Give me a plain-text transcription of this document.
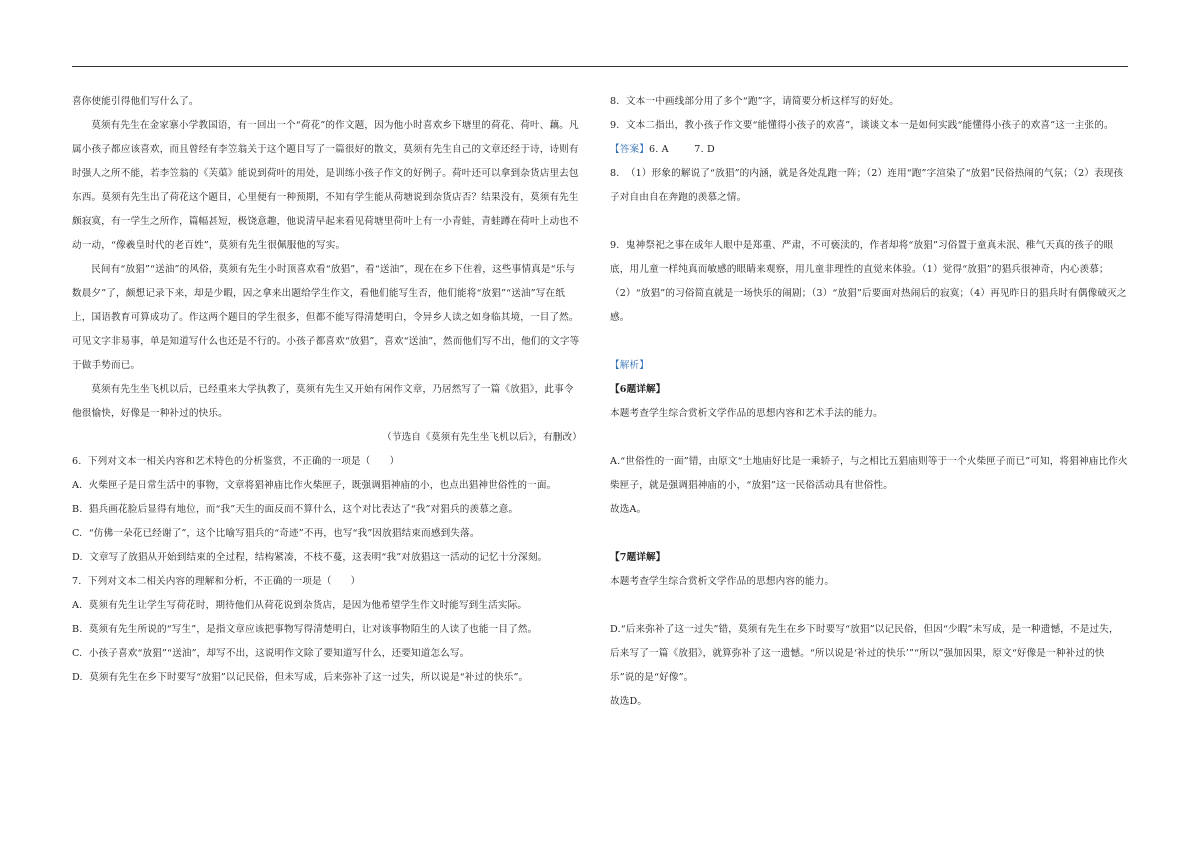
喜你使能引得他们写什么了。

莫须有先生在金家寨小学教国语，有一回出一个“荷花”的作文题，因为他小时喜欢乡下塘里的荷花、荷叶、藕。凡属小孩子都应该喜欢，而且曾经有李笠翁关于这个题目写了一篇很好的散文，莫须有先生自己的文章还经于诗，诗则有时强人之所不能，若李笠翁的《芙蕖》能说到荷叶的用处，是训练小孩子作文的好例子。荷叶还可以拿到杂货店里去包东西。莫须有先生出了荷花这个题目，心里便有一种预期，不知有学生能从荷塘说到杂货店否？结果没有，莫须有先生颇寂寞，有一学生之所作，篇幅甚短，极饶意趣，他说清早起来看见荷塘里荷叶上有一小青蛙，青蛙蹲在荷叶上动也不动一动，“像羲皇时代的老百姓”，莫须有先生很佩服他的写实。

民间有“放猖”“送油”的风俗，莫须有先生小时顶喜欢看“放猖”，看“送油”，现在在乡下住着，这些事情真是“乐与数晨夕”了，颇想记录下来，却是少暇，因之拿来出题给学生作文，看他们能写生否，他们能将“放猖”“送油”写在纸上，国语教育可算成功了。作这两个题目的学生很多，但都不能写得清楚明白，令异乡人读之如身临其境，一目了然。可见文字非易事，单是知道写什么也还是不行的。小孩子都喜欢“放猖”，喜欢“送油”，然而他们写不出，他们的文字等于做手势而已。

莫须有先生坐飞机以后，已经重来大学执教了，莫须有先生又开始有闲作文章，乃居然写了一篇《放猖》，此事令他很愉快，好像是一种补过的快乐。

（节选自《莫须有先生坐飞机以后》，有删改）

6.  下列对文本一相关内容和艺术特色的分析鉴赏，不正确的一项是（      ）

A.  火柴匣子是日常生活中的事物，文章将猖神庙比作火柴匣子，既强调猖神庙的小，也点出猖神世俗性的一面。

B.  猖兵画花脸后显得有地位，而“我”天生的面反而不算什么，这个对比表达了“我”对猖兵的羡慕之意。

C.  “仿佛一朵花已经谢了”，这个比喻写猖兵的“奇迹”不再，也写“我”因放猖结束而感到失落。

D.  文章写了放猖从开始到结束的全过程，结构紧凑，不枝不蔓，这表明“我”对放猖这一活动的记忆十分深刻。

7.  下列对文本二相关内容的理解和分析，不正确的一项是（      ）

A.  莫须有先生让学生写荷花时，期待他们从荷花说到杂货店，是因为他希望学生作文时能写到生活实际。

B.  莫须有先生所说的“写生”，是指文章应该把事物写得清楚明白，让对该事物陌生的人读了也能一目了然。

C.  小孩子喜欢“放猖”“送油”，却写不出，这说明作文除了要知道写什么，还要知道怎么写。

D.  莫须有先生在乡下时要写“放猖”以记民俗，但未写成，后来弥补了这一过失，所以说是“补过的快乐”。

8.  文本一中画线部分用了多个“跑”字，请简要分析这样写的好处。

9.  文本二指出，教小孩子作文要“能懂得小孩子的欢喜”，谈谈文本一是如何实践“能懂得小孩子的欢喜”这一主张的。

【答案】6. A        7. D

8.  （1）形象的解说了“放猖”的内涵，就是各处乱跑一阵；（2）连用“跑”字渲染了“放猖”民俗热闹的气氛；（2）表现孩子对自由自在奔跑的羡慕之情。

9.  鬼神祭祀之事在成年人眼中是郑重、严肃，不可亵渎的，作者却将“放猖”习俗置于童真未泯、稚气天真的孩子的眼底，用儿童一样纯真而敏感的眼睛来观察，用儿童非理性的直觉来体验。（1）觉得“放猖”的猖兵很神奇，内心羡慕；（2）“放猖”的习俗简直就是一场快乐的闹剧；（3）“放猖”后要面对热闹后的寂寞；（4）再见昨日的猖兵时有偶像破灭之感。

【解析】

【6题详解】

本题考查学生综合赏析文学作品的思想内容和艺术手法的能力。

A.“世俗性的一面”错，由原文“土地庙好比是一乘轿子，与之相比五猖庙则等于一个火柴匣子而已”可知，将猖神庙比作火柴匣子，就是强调猖神庙的小，“放猖”这一民俗活动具有世俗性。

故选A。

【7题详解】

本题考查学生综合赏析文学作品的思想内容的能力。

D.“后来弥补了这一过失”错，莫须有先生在乡下时要写“放猖”以记民俗，但因“少暇”未写成，是一种遗憾，不是过失，后来写了一篇《放猖》，就算弥补了这一遗憾。“所以说是‘补过的快乐’”“所以”强加因果，原文“好像是一种补过的快乐”说的是“好像”。

故选D。
